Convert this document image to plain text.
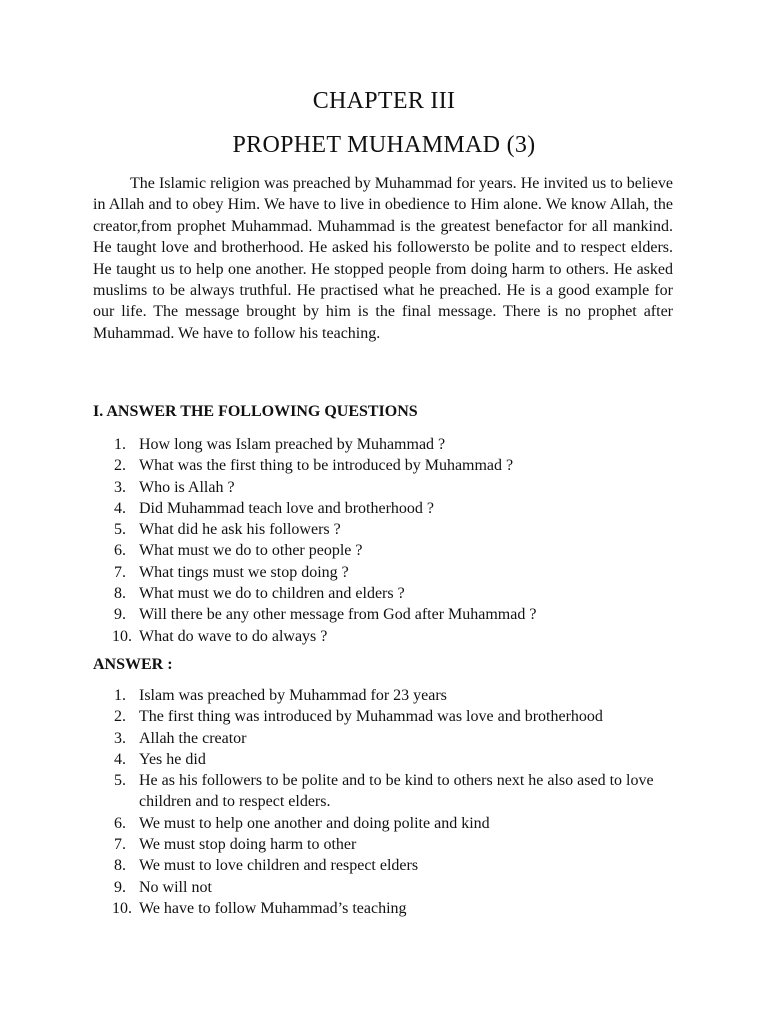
CHAPTER III
PROPHET MUHAMMAD (3)

The Islamic religion was preached by Muhammad for years. He invited us to believe in Allah and to obey Him. We have to live in obedience to Him alone. We know Allah, the creator,from prophet Muhammad. Muhammad is the greatest benefactor for all mankind. He taught love and brotherhood. He asked his followersto be polite and to respect elders. He taught us to help one another. He stopped people from doing harm to others. He asked muslims to be always truthful. He practised what he preached. He is a good example for our life. The message brought by him is the final message. There is no prophet after Muhammad. We have to follow his teaching.

I. ANSWER THE FOLLOWING QUESTIONS
1. How long was Islam preached by Muhammad ?
2. What was the first thing to be introduced by Muhammad ?
3. Who is Allah ?
4. Did Muhammad teach love and brotherhood ?
5. What did he ask his followers ?
6. What must we do to other people ?
7. What tings must we stop doing ?
8. What must we do to children and elders ?
9. Will there be any other message from God after Muhammad ?
10. What do wave to do always ?
ANSWER :
1. Islam was preached by Muhammad for 23 years
2. The first thing was introduced by Muhammad was love and brotherhood
3. Allah the creator
4. Yes he did
5. He as his followers to be polite and to be kind to others next he also ased to love children and to respect elders.
6. We must to help one another and doing polite and kind
7. We must stop doing harm to other
8. We must to love children and respect elders
9. No will not
10. We have to follow Muhammad’s teaching
